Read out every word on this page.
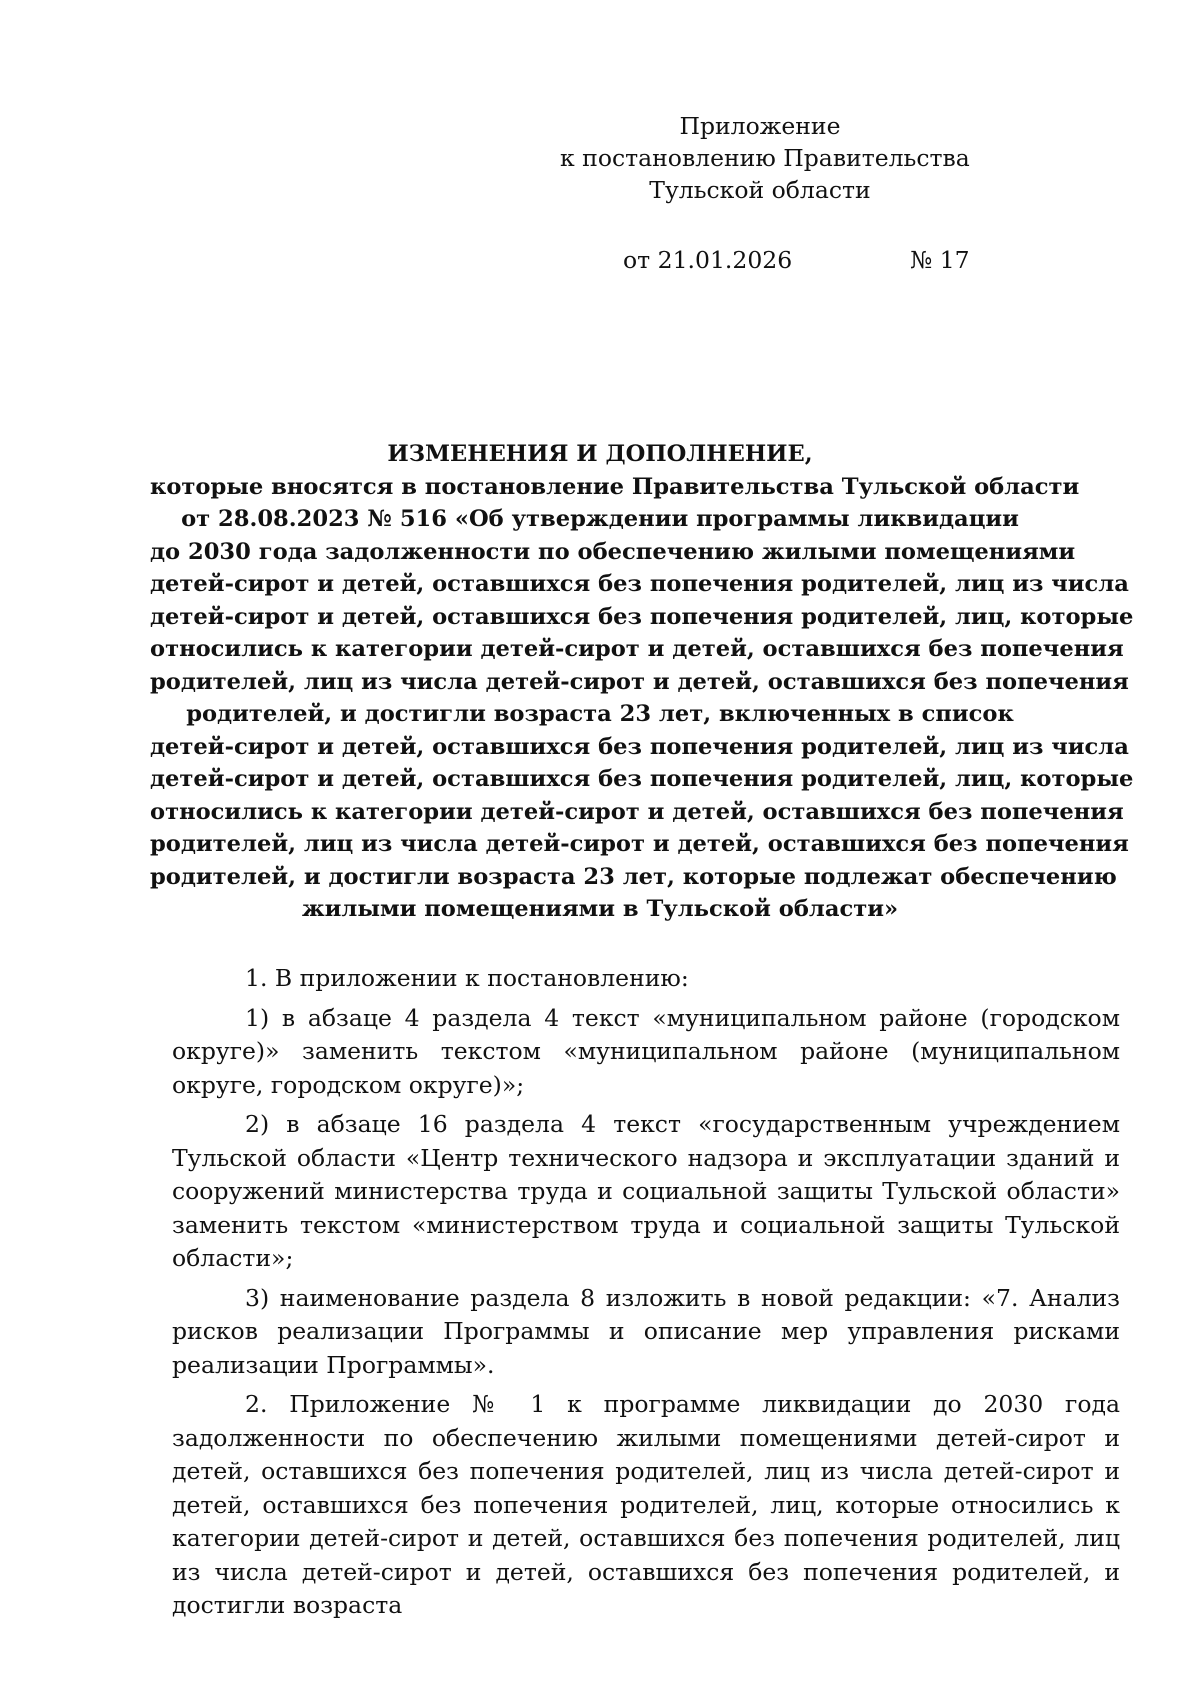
Приложение
к постановлению Правительства
Тульской области
от 21.01.2026	№ 17
ИЗМЕНЕНИЯ И ДОПОЛНЕНИЕ,
которые вносятся в постановление Правительства Тульской области
от 28.08.2023 № 516 «Об утверждении программы ликвидации
до 2030 года задолженности по обеспечению жилыми помещениями
детей-сирот и детей, оставшихся без попечения родителей, лиц из числа
детей-сирот и детей, оставшихся без попечения родителей, лиц, которые
относились к категории детей-сирот и детей, оставшихся без попечения
родителей, лиц из числа детей-сирот и детей, оставшихся без попечения
родителей, и достигли возраста 23 лет, включенных в список
детей-сирот и детей, оставшихся без попечения родителей, лиц из числа
детей-сирот и детей, оставшихся без попечения родителей, лиц, которые
относились к категории детей-сирот и детей, оставшихся без попечения
родителей, лиц из числа детей-сирот и детей, оставшихся без попечения
родителей, и достигли возраста 23 лет, которые подлежат обеспечению
жилыми помещениями в Тульской области»

1. В приложении к постановлению:

1) в абзаце 4 раздела 4 текст «муниципальном районе (городском округе)» заменить текстом «муниципальном районе (муниципальном округе, городском округе)»;

2) в абзаце 16 раздела 4 текст «государственным учреждением Тульской области «Центр технического надзора и эксплуатации зданий и сооружений министерства труда и социальной защиты Тульской области» заменить текстом «министерством труда и социальной защиты Тульской области»;

3) наименование раздела 8 изложить в новой редакции: «7. Анализ рисков реализации Программы и описание мер управления рисками реализации Программы».

2. Приложение № 1 к программе ликвидации до 2030 года задолженности по обеспечению жилыми помещениями детей-сирот и детей, оставшихся без попечения родителей, лиц из числа детей-сирот и детей, оставшихся без попечения родителей, лиц, которые относились к категории детей-сирот и детей, оставшихся без попечения родителей, лиц из числа детей-сирот и детей, оставшихся без попечения родителей, и достигли возраста
